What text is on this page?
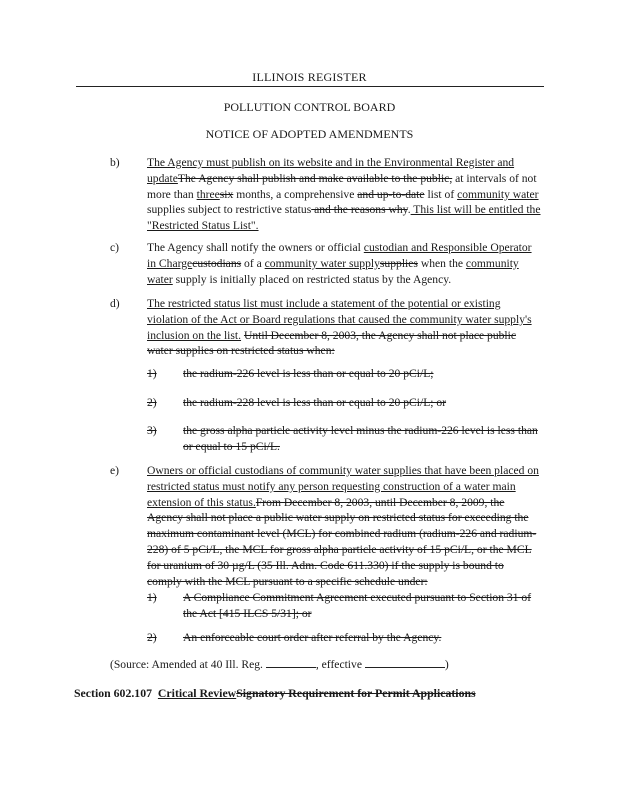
ILLINOIS REGISTER
POLLUTION CONTROL BOARD
NOTICE OF ADOPTED AMENDMENTS
b) The Agency must publish on its website and in the Environmental Register and updateThe Agency shall publish and make available to the public, at intervals of not more than threesix months, a comprehensive and up-to-date list of community water supplies subject to restrictive status and the reasons why. This list will be entitled the "Restricted Status List".
c) The Agency shall notify the owners or official custodian and Responsible Operator in Chargecustodians of a community water supplysupplies when the community water supply is initially placed on restricted status by the Agency.
d) The restricted status list must include a statement of the potential or existing violation of the Act or Board regulations that caused the community water supply's inclusion on the list. Until December 8, 2003, the Agency shall not place public water supplies on restricted status when:
1) the radium-226 level is less than or equal to 20 pCi/L;
2) the radium-228 level is less than or equal to 20 pCi/L; or
3) the gross alpha particle activity level minus the radium-226 level is less than or equal to 15 pCi/L.
e) Owners or official custodians of community water supplies that have been placed on restricted status must notify any person requesting construction of a water main extension of this status.From December 8, 2003, until December 8, 2009, the Agency shall not place a public water supply on restricted status for exceeding the maximum contaminant level (MCL) for combined radium (radium-226 and radium-228) of 5 pCi/L, the MCL for gross alpha particle activity of 15 pCi/L, or the MCL for uranium of 30 µg/L (35 Ill. Adm. Code 611.330) if the supply is bound to comply with the MCL pursuant to a specific schedule under:
1) A Compliance Commitment Agreement executed pursuant to Section 31 of the Act [415 ILCS 5/31]; or
2) An enforceable court order after referral by the Agency.
(Source: Amended at 40 Ill. Reg.	, effective	)
Section 602.107 Critical ReviewSignatory Requirement for Permit Applications
